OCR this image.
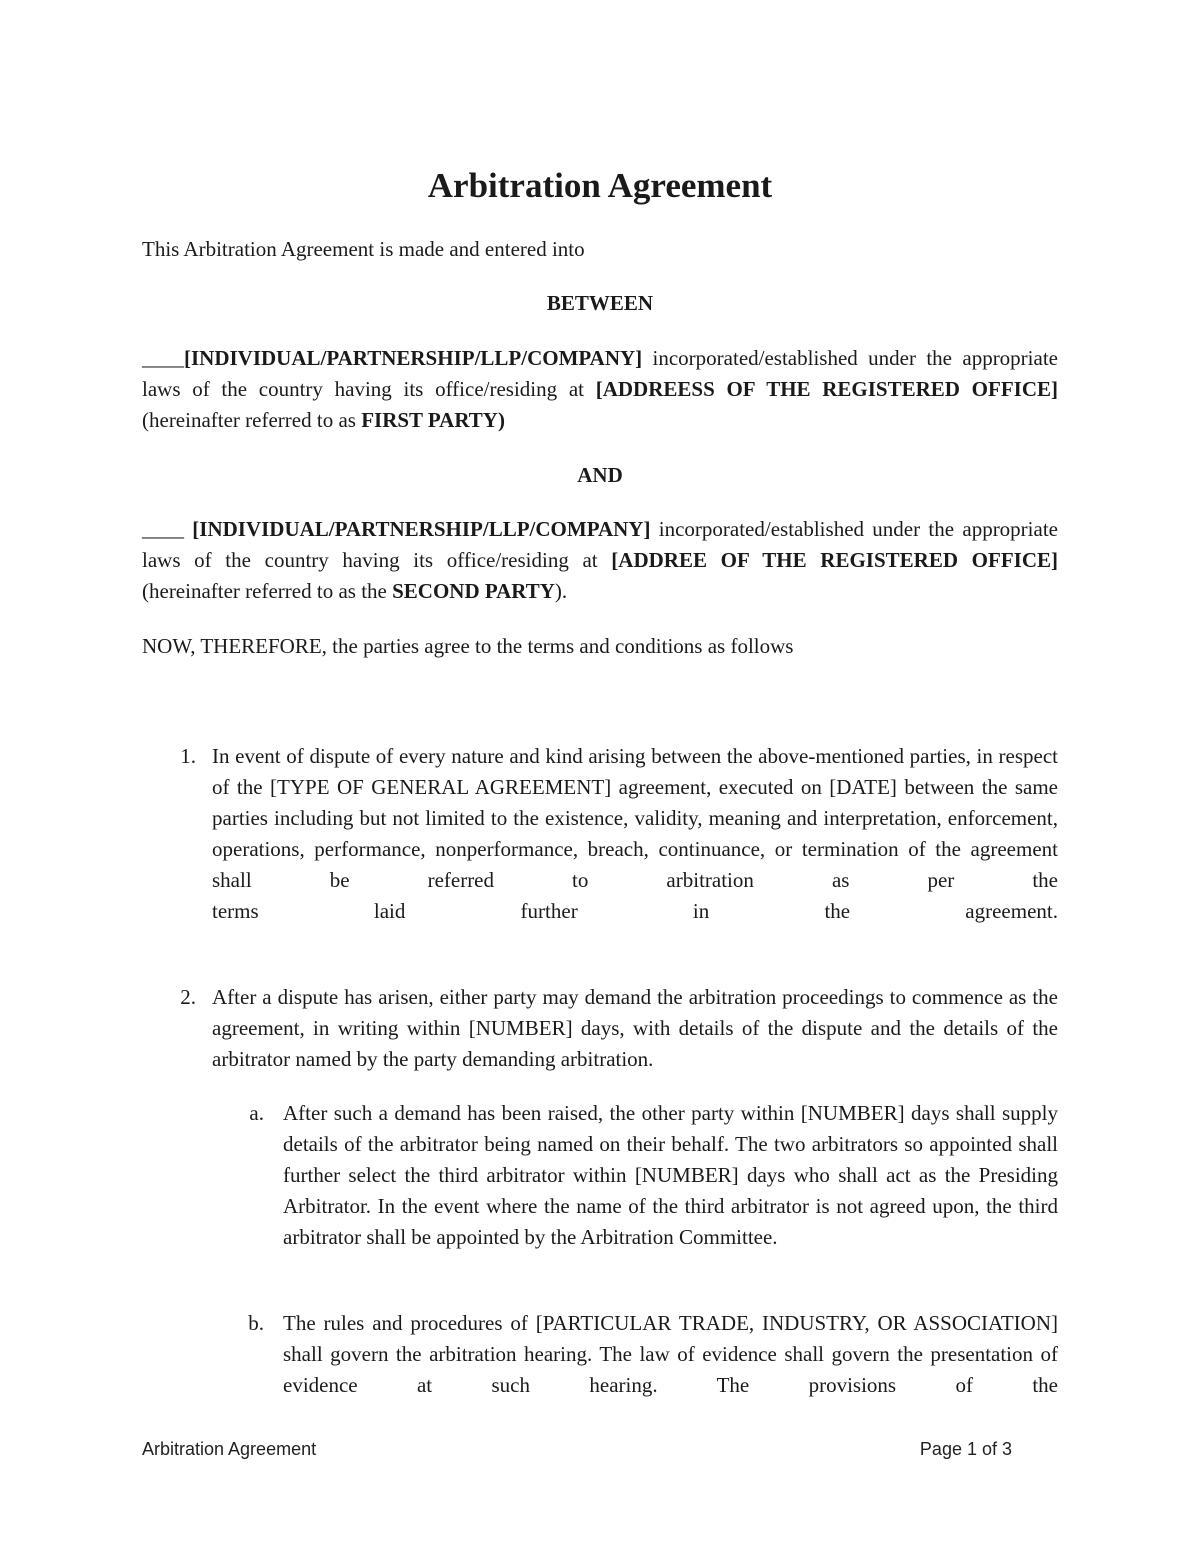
Arbitration Agreement
This Arbitration Agreement is made and entered into
BETWEEN
____[INDIVIDUAL/PARTNERSHIP/LLP/COMPANY] incorporated/established under the appropriate laws of the country having its office/residing at [ADDREESS OF THE REGISTERED OFFICE] (hereinafter referred to as FIRST PARTY)
AND
____ [INDIVIDUAL/PARTNERSHIP/LLP/COMPANY] incorporated/established under the appropriate laws of the country having its office/residing at [ADDREE OF THE REGISTERED OFFICE] (hereinafter referred to as the SECOND PARTY).
NOW, THEREFORE, the parties agree to the terms and conditions as follows
1. In event of dispute of every nature and kind arising between the above-mentioned parties, in respect of the [TYPE OF GENERAL AGREEMENT] agreement, executed on [DATE] between the same parties including but not limited to the existence, validity, meaning and interpretation, enforcement, operations, performance, nonperformance, breach, continuance, or termination of the agreement shall be referred to arbitration as per the
terms laid further in the agreement.
2. After a dispute has arisen, either party may demand the arbitration proceedings to commence as the agreement, in writing within [NUMBER] days, with details of the dispute and the details of the arbitrator named by the party demanding arbitration.
a. After such a demand has been raised, the other party within [NUMBER] days shall supply details of the arbitrator being named on their behalf. The two arbitrators so appointed shall further select the third arbitrator within [NUMBER] days who shall act as the Presiding Arbitrator. In the event where the name of the third arbitrator is not agreed upon, the third arbitrator shall be appointed by the Arbitration Committee.
b. The rules and procedures of [PARTICULAR TRADE, INDUSTRY, OR ASSOCIATION] shall govern the arbitration hearing. The law of evidence shall govern the presentation of evidence at such hearing. The provisions of the
Arbitration Agreement	Page 1 of 3
